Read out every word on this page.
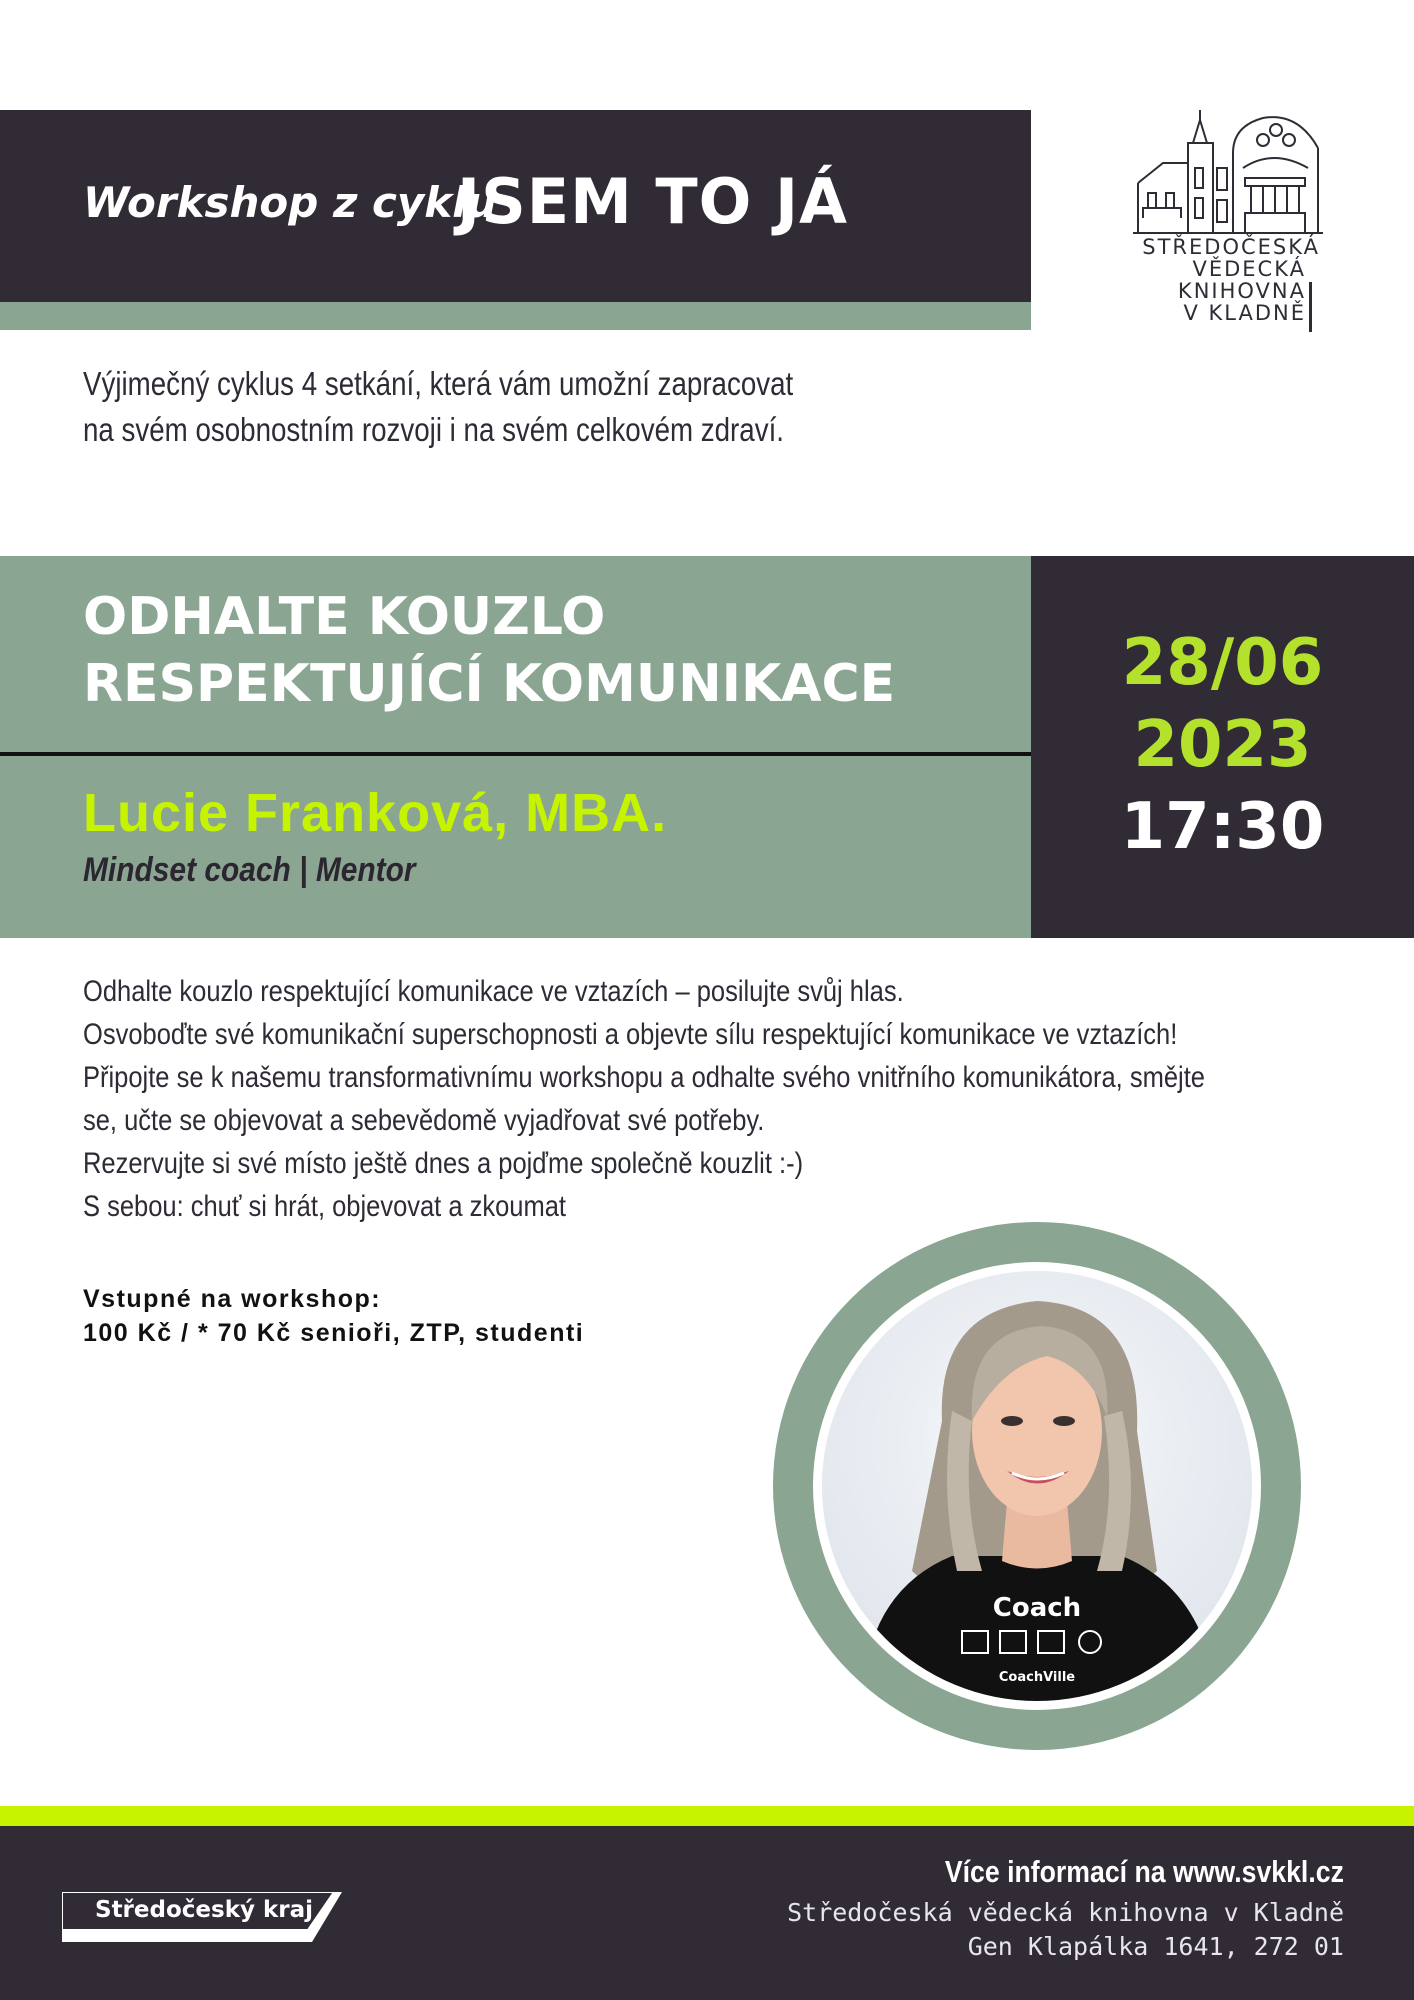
Workshop z cyklu
JSEM TO JÁ
STŘEDOČESKÁ
VĚDECKÁ
KNIHOVNA
V KLADNĚ
Výjimečný cyklus 4 setkání, která vám umožní zapracovat
na svém osobnostním rozvoji i na svém celkovém zdraví.
ODHALTE KOUZLO
RESPEKTUJÍCÍ KOMUNIKACE
Lucie Franková, MBA.
Mindset coach | Mentor
28/06
2023
17:30
Odhalte kouzlo respektující komunikace ve vztazích – posilujte svůj hlas.
Osvoboďte své komunikační superschopnosti a objevte sílu respektující komunikace ve vztazích!
Připojte se k našemu transformativnímu workshopu a odhalte svého vnitřního komunikátora, smějte
se, učte se objevovat a sebevědomě vyjadřovat své potřeby.
Rezervujte si své místo ještě dnes a pojďme společně kouzlit :-)
S sebou: chuť si hrát, objevovat a zkoumat
Vstupné na workshop:
100 Kč / * 70 Kč senioři, ZTP, studenti
Coach
CoachVille
Středočeský kraj
Více informací na www.svkkl.cz
Středočeská vědecká knihovna v Kladně
Gen Klapálka 1641, 272 01
